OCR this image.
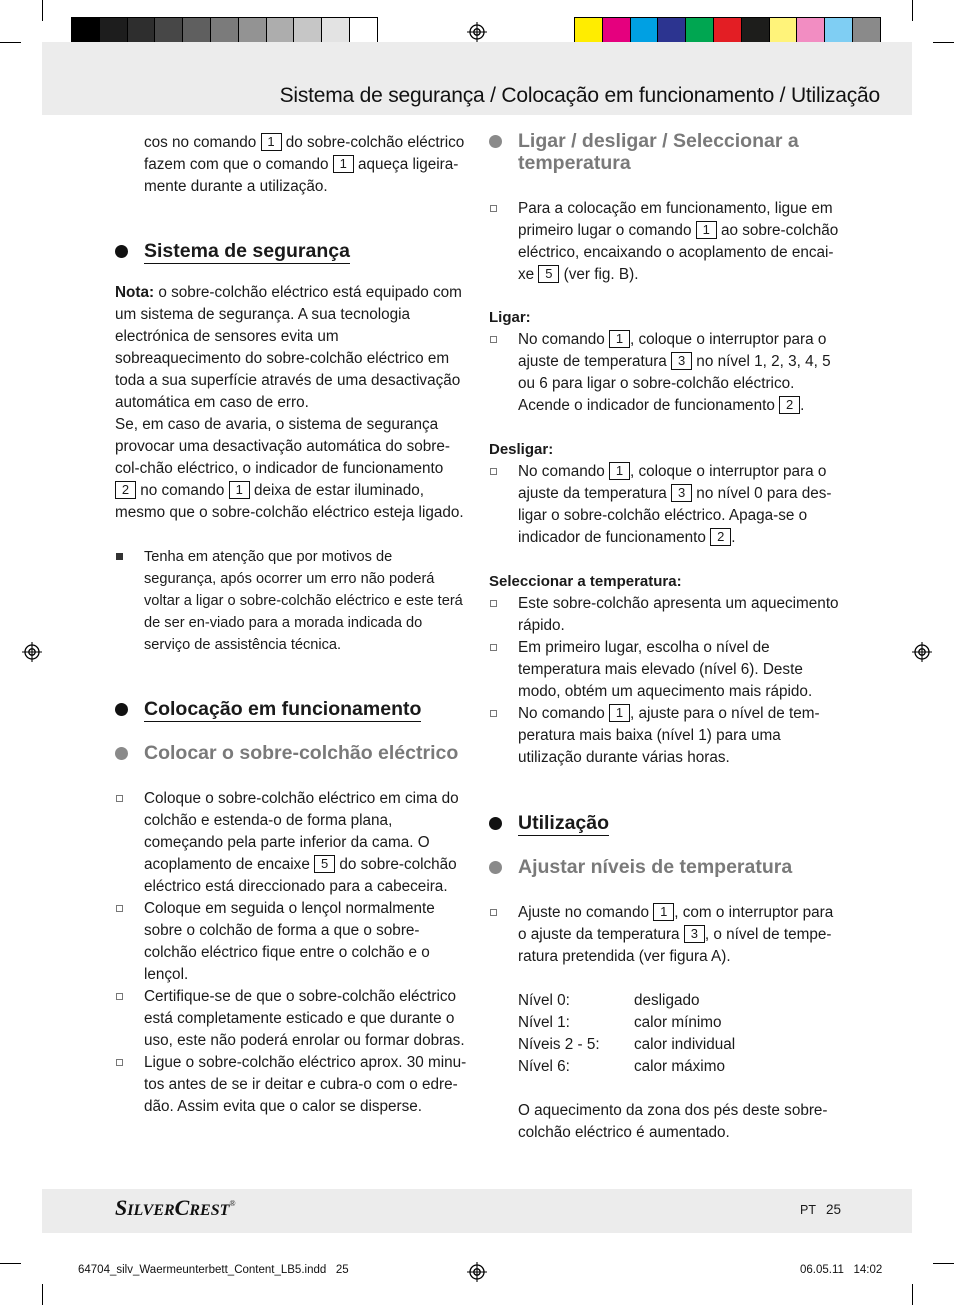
Sistema de segurança / Colocação em funcionamento / Utilização

cos no comando 1 do sobre-colchão eléctrico fazem com que o comando 1 aqueça ligeira-mente durante a utilização.

Sistema de segurança

Nota: o sobre-colchão eléctrico está equipado com um sistema de segurança. A sua tecnologia electrónica de sensores evita um sobreaquecimento do sobre-colchão eléctrico em toda a sua superfície através de uma desactivação automática em caso de erro.

Se, em caso de avaria, o sistema de segurança provocar uma desactivação automática do sobre-col-chão eléctrico, o indicador de funcionamento 2 no comando 1 deixa de estar iluminado, mesmo que o sobre-colchão eléctrico esteja ligado.

Tenha em atenção que por motivos de segurança, após ocorrer um erro não poderá voltar a ligar o sobre-colchão eléctrico e este terá de ser en-viado para a morada indicada do serviço de assistência técnica.
Colocação em funcionamento
Colocar o sobre-colchão eléctrico
Coloque o sobre-colchão eléctrico em cima do colchão e estenda-o de forma plana, começando pela parte inferior da cama. O acoplamento de encaixe 5 do sobre-colchão eléctrico está direccionado para a cabeceira.
Coloque em seguida o lençol normalmente sobre o colchão de forma a que o sobre-colchão eléctrico fique entre o colchão e o lençol.
Certifique-se de que o sobre-colchão eléctrico está completamente esticado e que durante o uso, este não poderá enrolar ou formar dobras.
Ligue o sobre-colchão eléctrico aprox. 30 minu-tos antes de se ir deitar e cubra-o com o edre-dão. Assim evita que o calor se disperse.
Ligar / desligar / Seleccionar a temperatura
Para a colocação em funcionamento, ligue em primeiro lugar o comando 1 ao sobre-colchão eléctrico, encaixando o acoplamento de encai-xe 5 (ver fig. B).

Ligar:

No comando 1 , coloque o interruptor para o ajuste de temperatura 3 no nível 1, 2, 3, 4, 5 ou 6 para ligar o sobre-colchão eléctrico. Acende o indicador de funcionamento 2 .

Desligar:

No comando 1 , coloque o interruptor para o ajuste da temperatura 3 no nível 0 para des-ligar o sobre-colchão eléctrico. Apaga-se o indicador de funcionamento 2 .

Seleccionar a temperatura:

Este sobre-colchão apresenta um aquecimento rápido.
Em primeiro lugar, escolha o nível de temperatura mais elevado (nível 6). Deste modo, obtém um aquecimento mais rápido.
No comando 1 , ajuste para o nível de tem-peratura mais baixa (nível 1) para uma utilização durante várias horas.
Utilização
Ajustar níveis de temperatura
Ajuste no comando 1 , com o interruptor para o ajuste da temperatura 3 , o nível de tempe-ratura pretendida (ver figura A).
Nível 0:	desligado
Nível 1:	calor mínimo
Níveis 2 - 5:	calor individual
Nível 6:	calor máximo

O aquecimento da zona dos pés deste sobre-colchão eléctrico é aumentado.

SILVERCREST®	PT 25
64704_silv_Waermeunterbett_Content_LB5.indd   25	06.05.11   14:02
